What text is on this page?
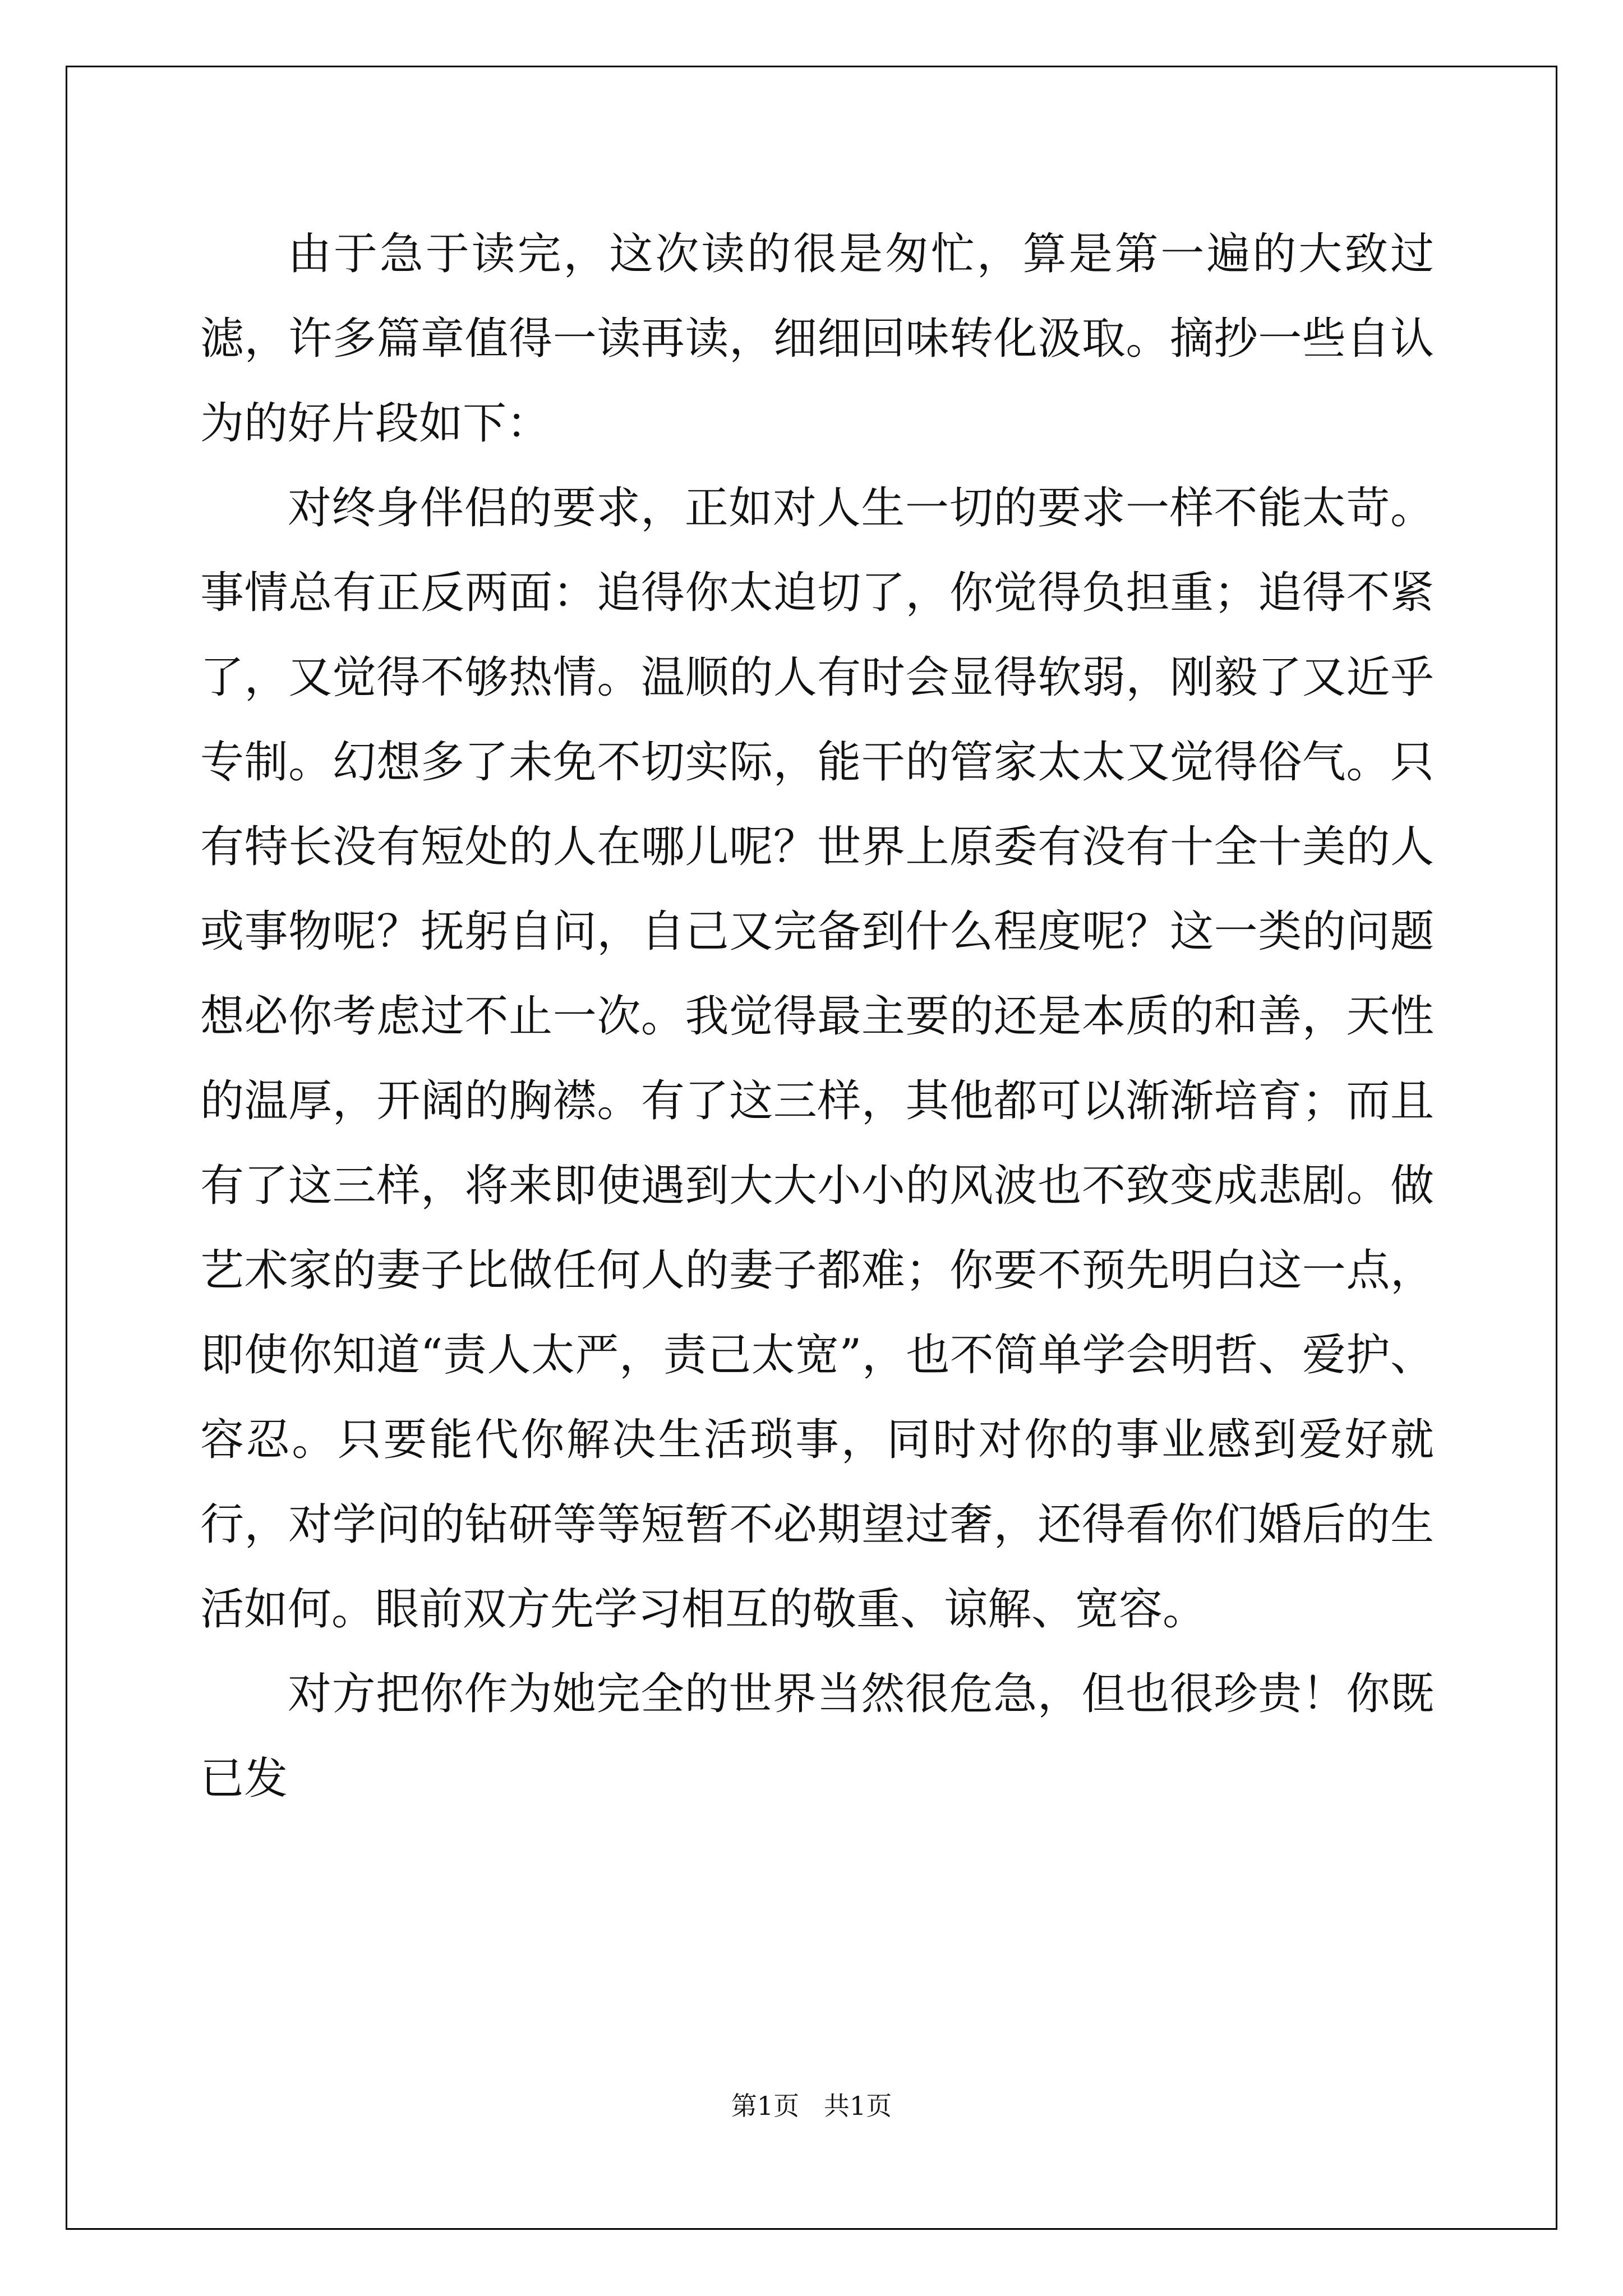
由于急于读完，这次读的很是匆忙，算是第一遍的大致过滤，许多篇章值得一读再读，细细回味转化汲取。摘抄一些自认为的好片段如下：

对终身伴侣的要求，正如对人生一切的要求一样不能太苛。事情总有正反两面：追得你太迫切了，你觉得负担重；追得不紧了，又觉得不够热情。温顺的人有时会显得软弱，刚毅了又近乎专制。幻想多了未免不切实际，能干的管家太太又觉得俗气。只有特长没有短处的人在哪儿呢？世界上原委有没有十全十美的人或事物呢？抚躬自问，自己又完备到什么程度呢？这一类的问题想必你考虑过不止一次。我觉得最主要的还是本质的和善，天性的温厚，开阔的胸襟。有了这三样，其他都可以渐渐培育；而且有了这三样，将来即使遇到大大小小的风波也不致变成悲剧。做艺术家的妻子比做任何人的妻子都难；你要不预先明白这一点，即使你知道“责人太严，责己太宽”，也不简单学会明哲、爱护、容忍。只要能代你解决生活琐事，同时对你的事业感到爱好就行，对学问的钻研等等短暂不必期望过奢，还得看你们婚后的生活如何。眼前双方先学习相互的敬重、谅解、宽容。

对方把你作为她完全的世界当然很危急，但也很珍贵！你既已发

第1页   共1页
